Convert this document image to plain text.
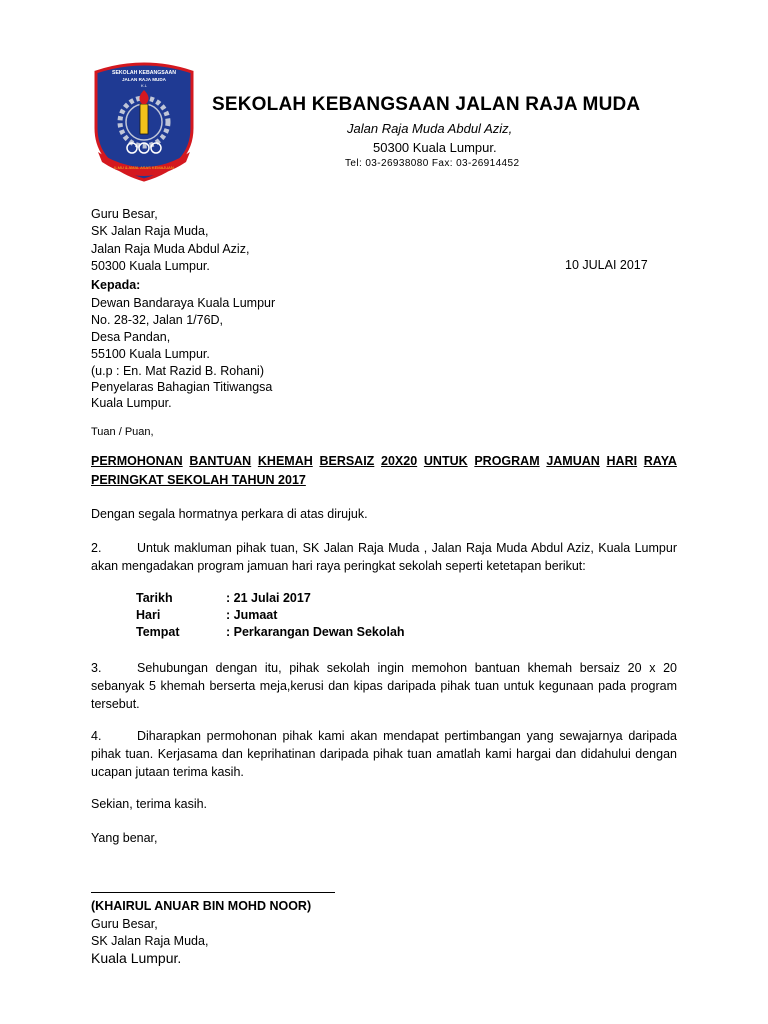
SEKOLAH KEBANGSAAN
JALAN RAJA MUDA
K.L
ILMU & AMAL ASAS KEMAJUAN
SEKOLAH KEBANGSAAN JALAN RAJA MUDA
Jalan Raja Muda Abdul Aziz,
50300 Kuala Lumpur.
Tel: 03-26938080 Fax: 03-26914452
Guru Besar,
SK Jalan Raja Muda,
Jalan Raja Muda Abdul Aziz,
50300 Kuala Lumpur.	10 JULAI 2017
Kepada:
Dewan Bandaraya Kuala Lumpur
No. 28-32, Jalan 1/76D,
Desa Pandan,
55100 Kuala Lumpur.
(u.p : En. Mat Razid B. Rohani)
Penyelaras Bahagian Titiwangsa
Kuala Lumpur.
Tuan / Puan,
PERMOHONAN BANTUAN KHEMAH BERSAIZ 20X20 UNTUK PROGRAM JAMUAN HARI RAYA
PERINGKAT SEKOLAH TAHUN 2017
Dengan segala hormatnya perkara di atas dirujuk.
2.	Untuk makluman pihak tuan, SK Jalan Raja Muda , Jalan Raja Muda Abdul Aziz, Kuala Lumpur
akan mengadakan program jamuan hari raya peringkat sekolah seperti ketetapan berikut:
Tarikh	: 21 Julai 2017
Hari	: Jumaat
Tempat	: Perkarangan Dewan Sekolah
3.	Sehubungan dengan itu, pihak sekolah ingin memohon bantuan khemah bersaiz 20 x 20
sebanyak 5 khemah berserta meja,kerusi dan kipas daripada pihak tuan untuk kegunaan pada program
tersebut.
4.	Diharapkan permohonan pihak kami akan mendapat pertimbangan yang sewajarnya daripada
pihak tuan. Kerjasama dan keprihatinan daripada pihak tuan amatlah kami hargai dan didahului dengan
ucapan jutaan terima kasih.
Sekian, terima kasih.
Yang benar,
(KHAIRUL ANUAR BIN MOHD NOOR)
Guru Besar,
SK Jalan Raja Muda,
Kuala Lumpur.
